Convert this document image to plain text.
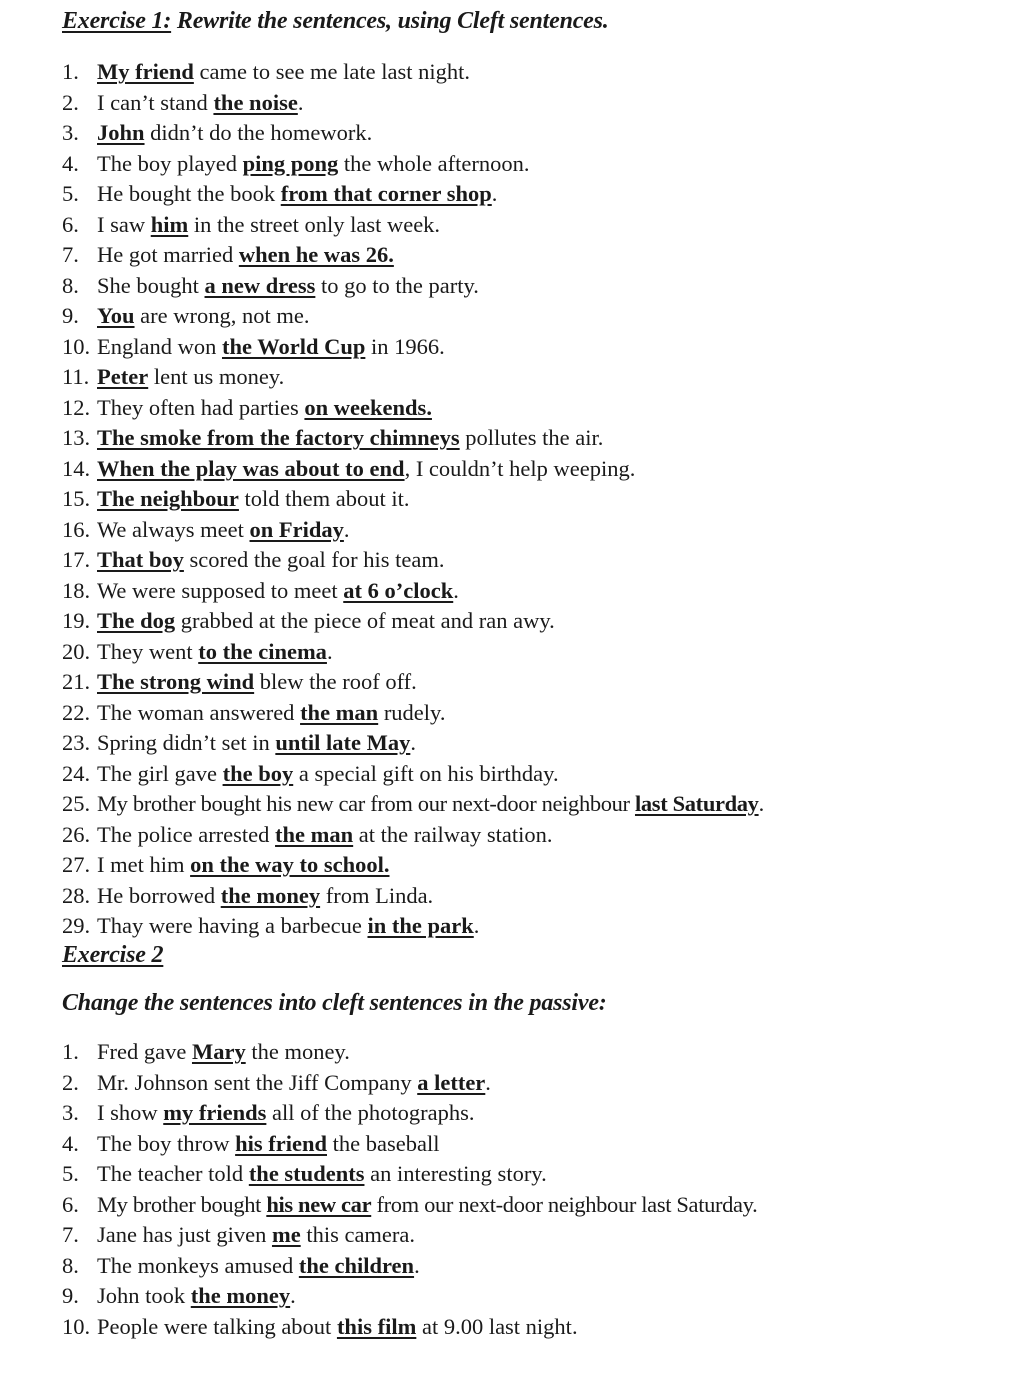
Exercise 1: Rewrite the sentences, using Cleft sentences.
1. My friend came to see me late last night.
2. I can’t stand the noise.
3. John didn’t do the homework.
4. The boy played ping pong the whole afternoon.
5. He bought the book from that corner shop.
6. I saw him in the street only last week.
7. He got married when he was 26.
8. She bought a new dress to go to the party.
9. You are wrong, not me.
10. England won the World Cup in 1966.
11. Peter lent us money.
12. They often had parties on weekends.
13. The smoke from the factory chimneys pollutes the air.
14. When the play was about to end, I couldn’t help weeping.
15. The neighbour told them about it.
16. We always meet on Friday.
17. That boy scored the goal for his team.
18. We were supposed to meet at 6 o’clock.
19. The dog grabbed at the piece of meat and ran awy.
20. They went to the cinema.
21. The strong wind blew the roof off.
22. The woman answered the man rudely.
23. Spring didn’t set in until late May.
24. The girl gave the boy a special gift on his birthday.
25. My brother bought his new car from our next-door neighbour last Saturday.
26. The police arrested the man at the railway station.
27. I met him on the way to school.
28. He borrowed the money from Linda.
29. Thay were having a barbecue in the park.
Exercise 2
Change the sentences into cleft sentences in the passive:
1. Fred gave Mary the money.
2. Mr. Johnson sent the Jiff Company a letter.
3. I show my friends all of the photographs.
4. The boy throw his friend the baseball
5. The teacher told the students an interesting story.
6. My brother bought his new car from our next-door neighbour last Saturday.
7. Jane has just given me this camera.
8. The monkeys amused the children.
9. John took the money.
10. People were talking about this film at 9.00 last night.
